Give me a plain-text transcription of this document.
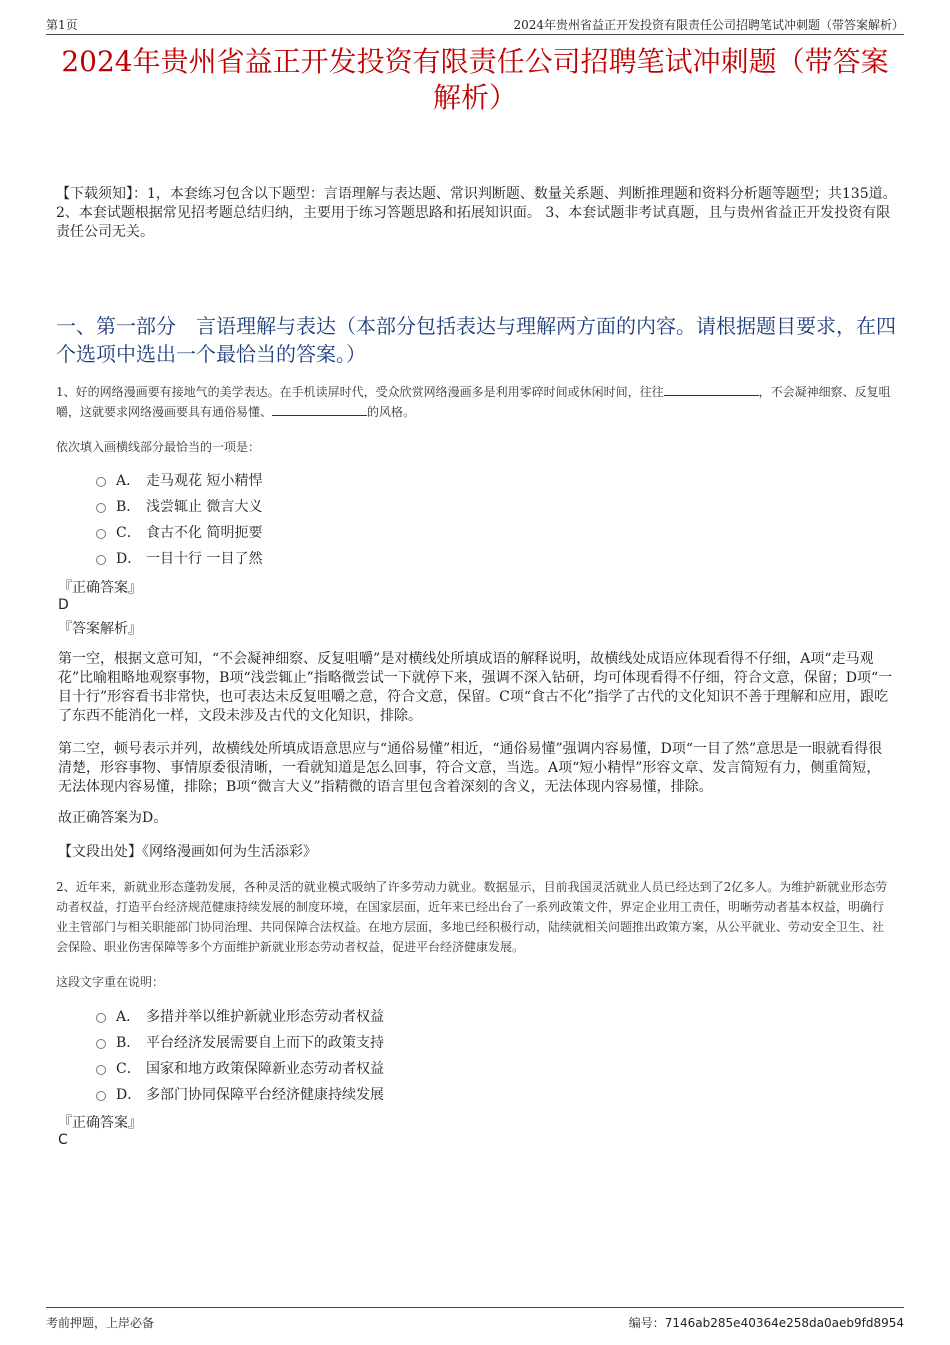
第1页	2024年贵州省益正开发投资有限责任公司招聘笔试冲刺题（带答案解析）
2024年贵州省益正开发投资有限责任公司招聘笔试冲刺题（带答案解析）
【下载须知】：1，本套练习包含以下题型：言语理解与表达题、常识判断题、数量关系题、判断推理题和资料分析题等题型；共135道。 2、本套试题根据常见招考题总结归纳，主要用于练习答题思路和拓展知识面。 3、本套试题非考试真题，且与贵州省益正开发投资有限责任公司无关。
一、第一部分　言语理解与表达（本部分包括表达与理解两方面的内容。请根据题目要求，在四个选项中选出一个最恰当的答案。）
1、好的网络漫画要有接地气的美学表达。在手机读屏时代，受众欣赏网络漫画多是利用零碎时间或休闲时间，往往	，不会凝神细察、反复咀嚼，这就要求网络漫画要具有通俗易懂、	的风格。
依次填入画横线部分最恰当的一项是：
A． 走马观花 短小精悍
B． 浅尝辄止 微言大义
C． 食古不化 简明扼要
D． 一目十行 一目了然
『正确答案』
D
『答案解析』
第一空，根据文意可知，“不会凝神细察、反复咀嚼”是对横线处所填成语的解释说明，故横线处成语应体现看得不仔细，A项“走马观花”比喻粗略地观察事物，B项“浅尝辄止”指略微尝试一下就停下来，强调不深入钻研，均可体现看得不仔细，符合文意，保留；D项“一目十行”形容看书非常快，也可表达未反复咀嚼之意，符合文意，保留。C项“食古不化”指学了古代的文化知识不善于理解和应用，跟吃了东西不能消化一样，文段未涉及古代的文化知识，排除。
第二空，顿号表示并列，故横线处所填成语意思应与“通俗易懂”相近，“通俗易懂”强调内容易懂，D项“一目了然”意思是一眼就看得很清楚，形容事物、事情原委很清晰，一看就知道是怎么回事，符合文意，当选。A项“短小精悍”形容文章、发言简短有力，侧重简短，无法体现内容易懂，排除；B项“微言大义”指精微的语言里包含着深刻的含义，无法体现内容易懂，排除。
故正确答案为D。
【文段出处】《网络漫画如何为生活添彩》
2、近年来，新就业形态蓬勃发展，各种灵活的就业模式吸纳了许多劳动力就业。数据显示，目前我国灵活就业人员已经达到了2亿多人。为维护新就业形态劳动者权益，打造平台经济规范健康持续发展的制度环境，在国家层面，近年来已经出台了一系列政策文件，界定企业用工责任，明晰劳动者基本权益，明确行业主管部门与相关职能部门协同治理、共同保障合法权益。在地方层面，多地已经积极行动，陆续就相关问题推出政策方案，从公平就业、劳动安全卫生、社会保险、职业伤害保障等多个方面维护新就业形态劳动者权益，促进平台经济健康发展。
这段文字重在说明：
A． 多措并举以维护新就业形态劳动者权益
B． 平台经济发展需要自上而下的政策支持
C． 国家和地方政策保障新业态劳动者权益
D． 多部门协同保障平台经济健康持续发展
『正确答案』
C
考前押题，上岸必备	编号：7146ab285e40364e258da0aeb9fd8954
